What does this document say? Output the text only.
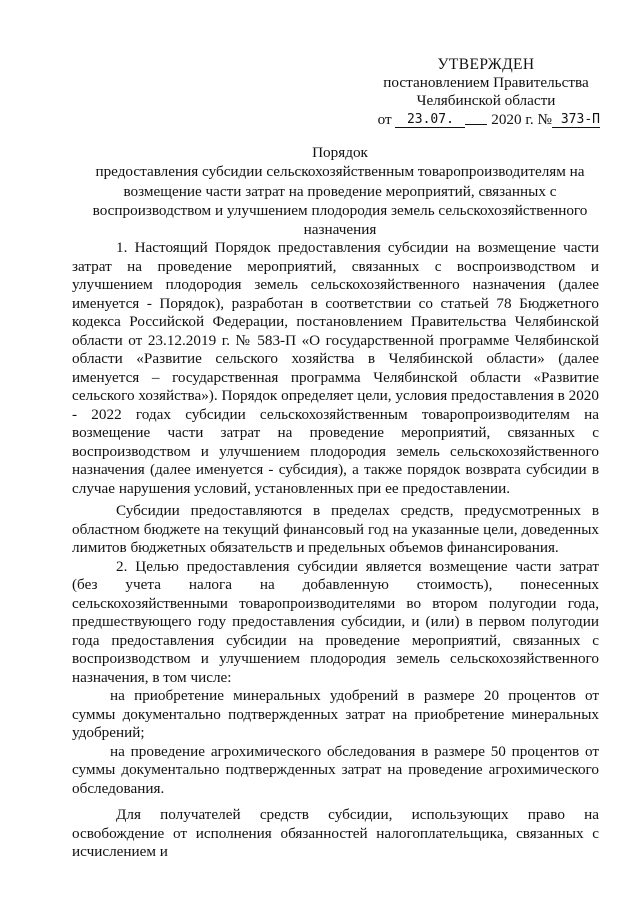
УТВЕРЖДЕН
постановлением Правительства
Челябинской области
от 23.07. 2020 г. № 373-П
Порядок
предоставления субсидии сельскохозяйственным товаропроизводителям на
возмещение части затрат на проведение мероприятий, связанных с
воспроизводством и улучшением плодородия земель сельскохозяйственного
назначения

1. Настоящий Порядок предоставления субсидии на возмещение части затрат на проведение мероприятий, связанных с воспроизводством и улучшением плодородия земель сельскохозяйственного назначения (далее именуется - Порядок), разработан в соответствии со статьей 78 Бюджетного кодекса Российской Федерации, постановлением Правительства Челябинской области от 23.12.2019 г. № 583-П «О государственной программе Челябинской области «Развитие сельского хозяйства в Челябинской области» (далее именуется – государственная программа Челябинской области «Развитие сельского хозяйства»). Порядок определяет цели, условия предоставления в 2020 - 2022 годах субсидии сельскохозяйственным товаропроизводителям на возмещение части затрат на проведение мероприятий, связанных с воспроизводством и улучшением плодородия земель сельскохозяйственного назначения (далее именуется - субсидия), а также порядок возврата субсидии в случае нарушения условий, установленных при ее предоставлении.

Субсидии предоставляются в пределах средств, предусмотренных в областном бюджете на текущий финансовый год на указанные цели, доведенных лимитов бюджетных обязательств и предельных объемов финансирования.

2. Целью предоставления субсидии является возмещение части затрат (без учета налога на добавленную стоимость), понесенных сельскохозяйственными товаропроизводителями во втором полугодии года, предшествующего году предоставления субсидии, и (или) в первом полугодии года предоставления субсидии на проведение мероприятий, связанных с воспроизводством и улучшением плодородия земель сельскохозяйственного назначения, в том числе:

на приобретение минеральных удобрений в размере 20 процентов от суммы документально подтвержденных затрат на приобретение минеральных удобрений;

на проведение агрохимического обследования в размере 50 процентов от суммы документально подтвержденных затрат на проведение агрохимического обследования.

Для получателей средств субсидии, использующих право на освобождение от исполнения обязанностей налогоплательщика, связанных с исчислением и
